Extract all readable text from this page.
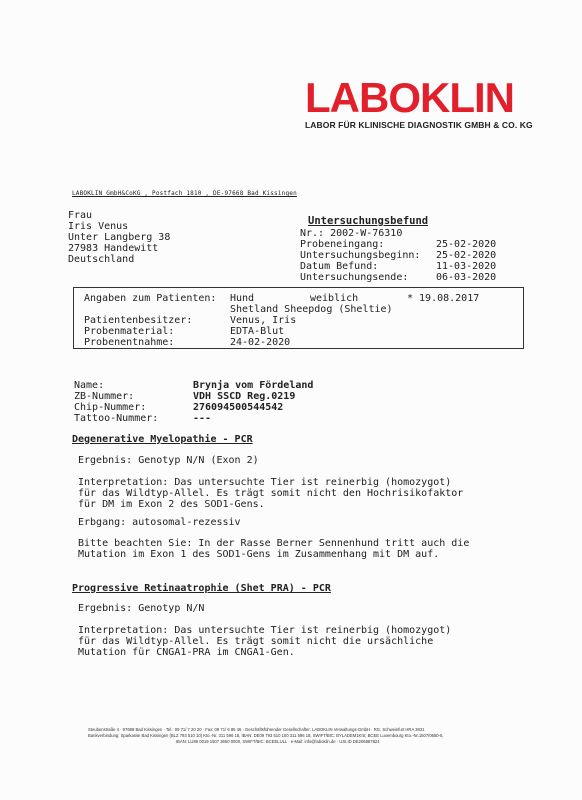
LABOKLIN
LABOR FÜR KLINISCHE DIAGNOSTIK GMBH & CO. KG
LABOKLIN GmbH&CoKG , Postfach 1810 , DE-97668 Bad Kissingen
Frau
Iris Venus
Unter Langberg 38
27983 Handewitt
Deutschland
Untersuchungsbefund
Nr.: 2002-W-76310
Probeneingang:
Untersuchungsbeginn:
Datum Befund:
Untersuchungsende:
25-02-2020
25-02-2020
11-03-2020
06-03-2020
Angaben zum Patienten:
Patientenbesitzer:
Probenmaterial:
Probenentnahme:
Hund
Shetland Sheepdog (Sheltie)
Venus, Iris
EDTA-Blut
24-02-2020
weiblich	* 19.08.2017
Name:
ZB-Nummer:
Chip-Nummer:
Tattoo-Nummer:
Brynja vom Fördeland
VDH SSCD Reg.0219
276094500544542
---
Degenerative Myelopathie - PCR
Ergebnis: Genotyp N/N (Exon 2)
Interpretation: Das untersuchte Tier ist reinerbig (homozygot)
für das Wildtyp-Allel. Es trägt somit nicht den Hochrisikofaktor
für DM im Exon 2 des SOD1-Gens.
Erbgang: autosomal-rezessiv
Bitte beachten Sie: In der Rasse Berner Sennenhund tritt auch die
Mutation im Exon 1 des SOD1-Gens im Zusammenhang mit DM auf.
Progressive Retinaatrophie (Shet PRA) - PCR
Ergebnis: Genotyp N/N
Interpretation: Das untersuchte Tier ist reinerbig (homozygot)
für das Wildtyp-Allel. Es trägt somit nicht die ursächliche
Mutation für CNGA1-PRA im CNGA1-Gen.
Steubenstraße 4 · 97688 Bad Kissingen · Tel.: 09 71/ 7 20 20 · Fax: 09 71/ 6 85 46 · Geschäftsführender Gesellschafter: LABOKLIN Verwaltungs-GmbH · RG. Schweinfurt HRA 3831
Bankverbindung: Sparkasse Bad Kissingen (BLZ 793 510 10) Kto.-Nr. 311 596 18, IBAN: DE09 793 510 100 311 596 18, SWIFT/BIC: BYLADEM1KIS; BCEE Luxembourg Kto.-Nr.1507/0650-5,
IBAN: LU85 0019 1507 3650 0000, SWIFT/BIC: BCEELULL · e-Mail: info@laboklin.de · USt.ID DE206887824
